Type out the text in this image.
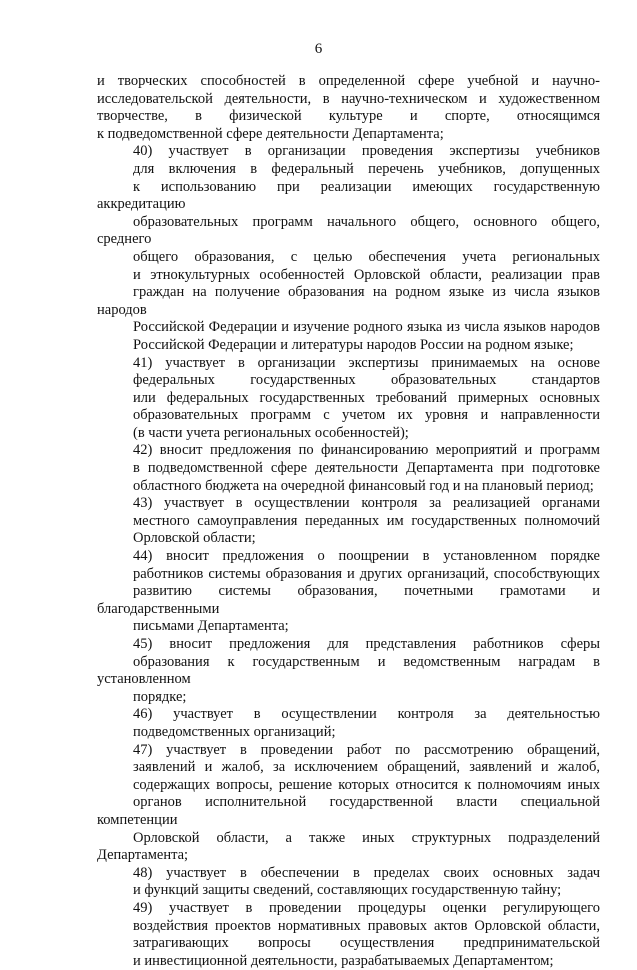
6
и творческих способностей в определенной сфере учебной и научно-
исследовательской деятельности, в научно-техническом и художественном
творчестве, в физической культуре и спорте, относящимся
к подведомственной сфере деятельности Департамента;
40) участвует в организации проведения экспертизы учебников
для включения в федеральный перечень учебников, допущенных
к использованию при реализации имеющих государственную аккредитацию
образовательных программ начального общего, основного общего, среднего
общего образования, с целью обеспечения учета региональных
и этнокультурных особенностей Орловской области, реализации прав
граждан на получение образования на родном языке из числа языков народов
Российской Федерации и изучение родного языка из числа языков народов
Российской Федерации и литературы народов России на родном языке;
41) участвует в организации экспертизы принимаемых на основе
федеральных государственных образовательных стандартов
или федеральных государственных требований примерных основных
образовательных программ с учетом их уровня и направленности
(в части учета региональных особенностей);
42) вносит предложения по финансированию мероприятий и программ
в подведомственной сфере деятельности Департамента при подготовке
областного бюджета на очередной финансовый год и на плановый период;
43) участвует в осуществлении контроля за реализацией органами
местного самоуправления переданных им государственных полномочий
Орловской области;
44) вносит предложения о поощрении в установленном порядке
работников системы образования и других организаций, способствующих
развитию системы образования, почетными грамотами и благодарственными
письмами Департамента;
45) вносит предложения для представления работников сферы
образования к государственным и ведомственным наградам в установленном
порядке;
46) участвует в осуществлении контроля за деятельностью
подведомственных организаций;
47) участвует в проведении работ по рассмотрению обращений,
заявлений и жалоб, за исключением обращений, заявлений и жалоб,
содержащих вопросы, решение которых относится к полномочиям иных
органов исполнительной государственной власти специальной компетенции
Орловской области, а также иных структурных подразделений Департамента;
48) участвует в обеспечении в пределах своих основных задач
и функций защиты сведений, составляющих государственную тайну;
49) участвует в проведении процедуры оценки регулирующего
воздействия проектов нормативных правовых актов Орловской области,
затрагивающих вопросы осуществления предпринимательской
и инвестиционной деятельности, разрабатываемых Департаментом;
